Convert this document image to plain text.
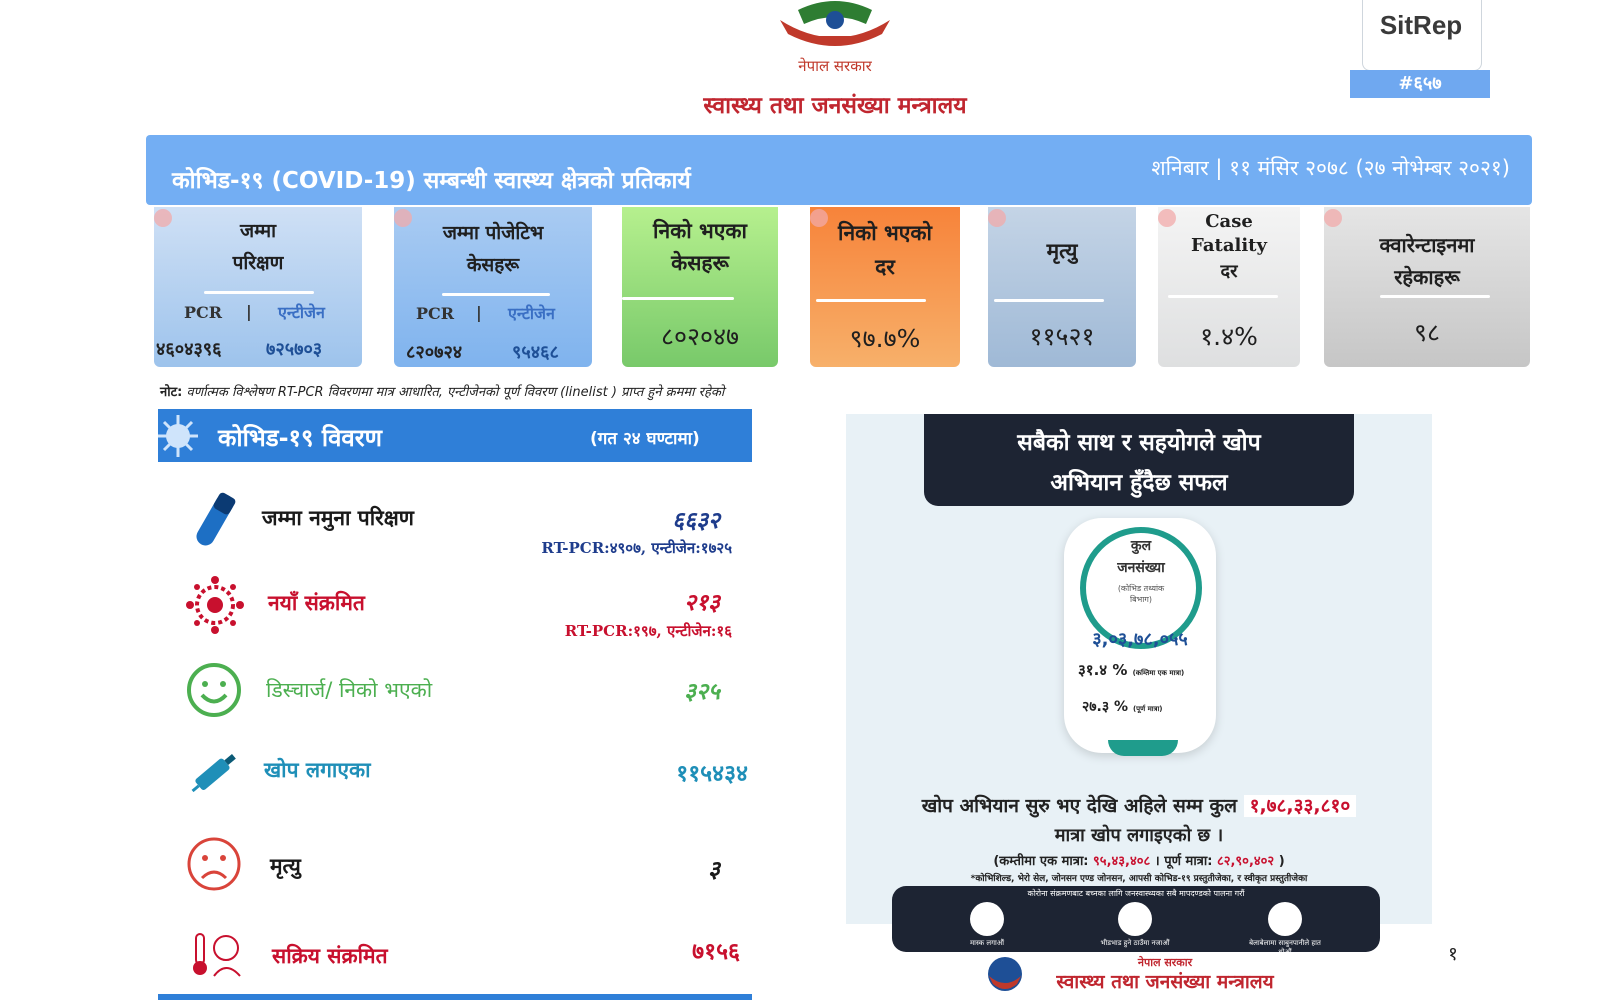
नेपाल सरकार
स्वास्थ्य तथा जनसंख्या मन्त्रालय
SitRep
#६५७
कोभिड-१९ (COVID-19) सम्बन्धी स्वास्थ्य क्षेत्रको प्रतिकार्य	शनिबार | ११ मंसिर २०७८ (२७ नोभेम्बर २०२१)
जम्मा
परिक्षण
PCR | एन्टीजेन
४६०४३९६ ७२५७०३
जम्मा पोजेटिभ
केसहरू
PCR | एन्टीजेन
८२०७२४	९५४६८
निको भएका
केसहरू
८०२०४७
निको भएको
दर
९७.७%
मृत्यु
११५२१
Case
Fatality
दर
१.४%
क्वारेन्टाइनमा
रहेकाहरू
९८
नोट: वर्णात्मक विश्लेषण RT-PCR विवरणमा मात्र आधारित, एन्टीजेनको पूर्ण विवरण (linelist ) प्राप्त हुने क्रममा रहेको
कोभिड-१९ विवरण	(गत २४ घण्टामा)
जम्मा नमुना परिक्षण	६६३२
RT-PCR:४९०७, एन्टीजेन:१७२५
नयाँ संक्रमित	२१३
RT-PCR:१९७, एन्टीजेन:१६
डिस्चार्ज/ निको भएको	३२५
खोप लगाएका	११५४३४
मृत्यु	३
सक्रिय संक्रमित	७१५६
सबैको साथ र सहयोगले खोप
अभियान हुँदैछ सफल
कुल
जनसंख्या
(कोभिड तथ्यांक
बिभाग)
३,०३,७८,०५५
३१.४ % (कम्तिमा एक मात्रा)
२७.३ % (पूर्ण मात्रा)
खोप अभियान सुरु भए देखि अहिले सम्म कुल १,७८,३३,८१०
मात्रा खोप लगाइएको छ ।
(कम्तीमा एक मात्रा: ९५,४३,४०८ । पूर्ण मात्रा: ८२,९०,४०२ )
*कोभिशिल्ड, भेरो सेल, जोनसन एण्ड जोनसन, आपसी कोभिड-१९ प्रस्तुतीजेका, र स्वीकृत प्रस्तुतीजेका
कोरोना संक्रमणबाट बच्नका लागि जनस्वास्थ्यका सबै मापदण्डको पालना गरौं
मास्क लगाऔं	भीडभाड हुने ठाउँमा नजाऔं	बेलाबेलामा साबुनपानीले हात धोऔं
नेपाल सरकार
स्वास्थ्य तथा जनसंख्या मन्त्रालय
१
